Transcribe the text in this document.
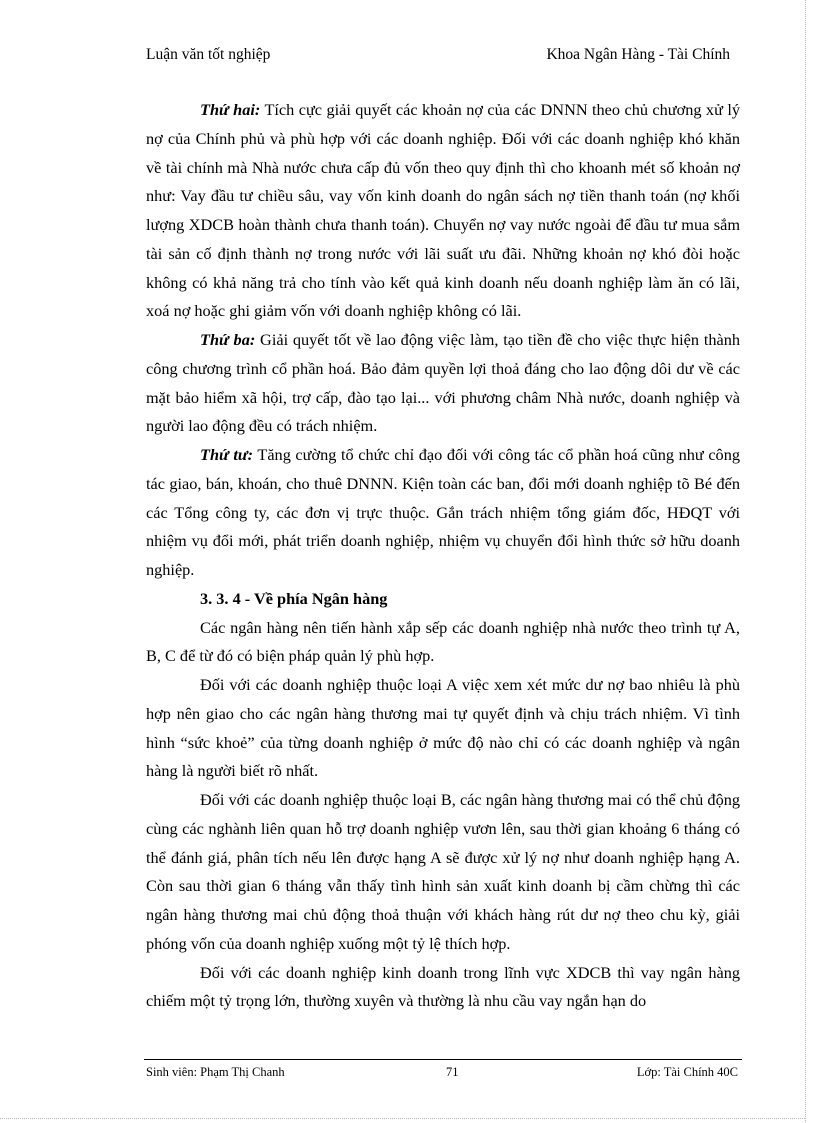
Luận văn tốt nghiệp	Khoa Ngân Hàng - Tài Chính

Thứ hai: Tích cực giải quyết các khoản nợ của các DNNN theo chủ chương xử lý nợ của Chính phủ và phù hợp với các doanh nghiệp. Đối với các doanh nghiệp khó khăn về tài chính mà Nhà nước chưa cấp đủ vốn theo quy định thì cho khoanh mét số khoản nợ như: Vay đầu tư chiều sâu, vay vốn kinh doanh do ngân sách nợ tiền thanh toán (nợ khối lượng XDCB hoàn thành chưa thanh toán). Chuyển nợ vay nước ngoài để đầu tư mua sắm tài sản cố định thành nợ trong nước với lãi suất ưu đãi. Những khoản nợ khó đòi hoặc không có khả năng trả cho tính vào kết quả kinh doanh nếu doanh nghiệp làm ăn có lãi, xoá nợ hoặc ghi giảm vốn với doanh nghiệp không có lãi.

Thứ ba: Giải quyết tốt về lao động việc làm, tạo tiền đề cho việc thực hiện thành công chương trình cổ phần hoá. Bảo đảm quyền lợi thoả đáng cho lao động dôi dư về các mặt bảo hiểm xã hội, trợ cấp, đào tạo lại... với phương châm Nhà nước, doanh nghiệp và người lao động đều có trách nhiệm.

Thứ tư: Tăng cường tổ chức chỉ đạo đối với công tác cổ phần hoá cũng như công tác giao, bán, khoán, cho thuê DNNN. Kiện toàn các ban, đổi mới doanh nghiệp tõ Bé đến các Tổng công ty, các đơn vị trực thuộc. Gắn trách nhiệm tổng giám đốc, HĐQT với nhiệm vụ đổi mới, phát triển doanh nghiệp, nhiệm vụ chuyển đổi hình thức sở hữu doanh nghiệp.

3. 3. 4 - Về phía Ngân hàng

Các ngân hàng nên tiến hành xắp sếp các doanh nghiệp nhà nước theo trình tự A, B, C để từ đó có biện pháp quản lý phù hợp.

Đối với các doanh nghiệp thuộc loại A việc xem xét mức dư nợ bao nhiêu là phù hợp nên giao cho các ngân hàng thương mai tự quyết định và chịu trách nhiệm. Vì tình hình “sức khoẻ” của từng doanh nghiệp ở mức độ nào chỉ có các doanh nghiệp và ngân hàng là người biết rõ nhất.

Đối với các doanh nghiệp thuộc loại B, các ngân hàng thương mai có thể chủ động cùng các nghành liên quan hỗ trợ doanh nghiệp vươn lên, sau thời gian khoảng 6 tháng có thể đánh giá, phân tích nếu lên được hạng A sẽ được xử lý nợ như doanh nghiệp hạng A. Còn sau thời gian 6 tháng vẫn thấy tình hình sản xuất kinh doanh bị cầm chừng thì các ngân hàng thương mai chủ động thoả thuận với khách hàng rút dư nợ theo chu kỳ, giải phóng vốn của doanh nghiệp xuống một tỷ lệ thích hợp.

Đối với các doanh nghiệp kinh doanh trong lĩnh vực XDCB thì vay ngân hàng chiếm một tỷ trọng lớn, thường xuyên và thường là nhu cầu vay ngắn hạn do

Sinh viên: Phạm Thị Chanh	71	Lớp: Tài Chính 40C
